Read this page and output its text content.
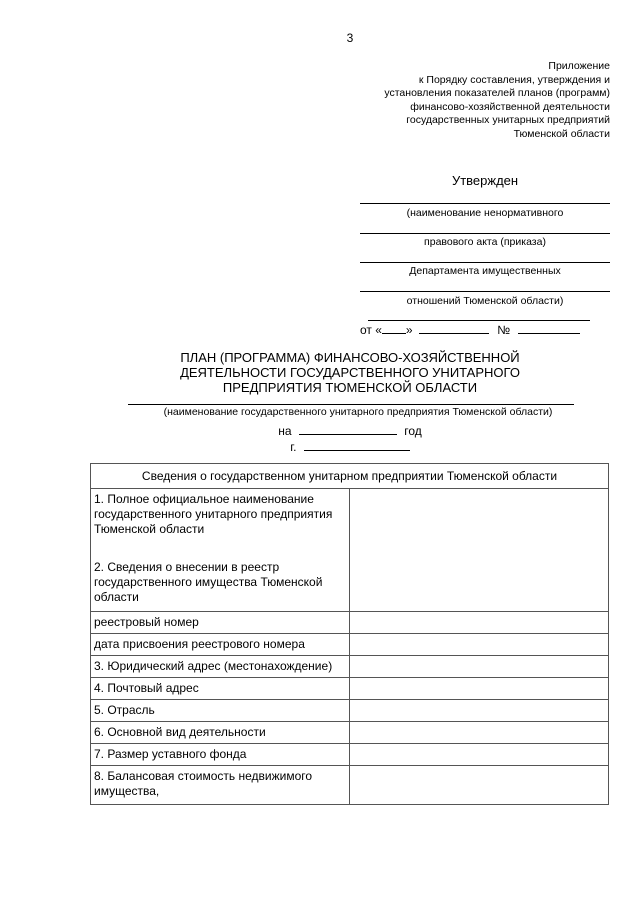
3
Приложение
к Порядку составления, утверждения и
установления показателей планов (программ)
финансово-хозяйственной деятельности
государственных унитарных предприятий
Тюменской области
Утвержден
(наименование ненормативного
правового акта (приказа)
Департамента имущественных
отношений Тюменской области)
от « »	№
ПЛАН (ПРОГРАММА) ФИНАНСОВО-ХОЗЯЙСТВЕННОЙ
ДЕЯТЕЛЬНОСТИ ГОСУДАРСТВЕННОГО УНИТАРНОГО
ПРЕДПРИЯТИЯ ТЮМЕНСКОЙ ОБЛАСТИ
(наименование государственного унитарного предприятия Тюменской области)
на	год
г.
Сведения о государственном унитарном предприятии Тюменской области	
1. Полное официальное наименование государственного унитарного предприятия Тюменской области	
2. Сведения о внесении в реестр государственного имущества Тюменской области	
реестровый номер	
дата присвоения реестрового номера	
3. Юридический адрес (местонахождение)	
4. Почтовый адрес	
5. Отрасль	
6. Основной вид деятельности	
7. Размер уставного фонда	
8. Балансовая стоимость недвижимого имущества,	
